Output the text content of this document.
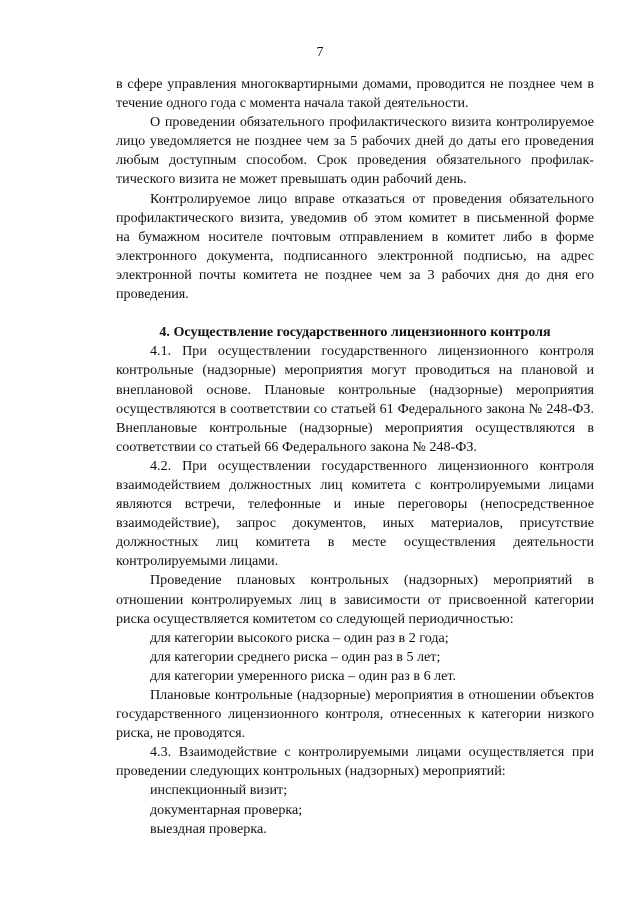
7
в сфере управления многоквартирными домами, проводится не позднее чем в
течение одного года с момента начала такой деятельности.
О проведении обязательного профилактического визита контролируемое
лицо уведомляется не позднее чем за 5 рабочих дней до даты его проведения
любым доступным способом. Срок проведения обязательного профилак-
тического визита не может превышать один рабочий день.
Контролируемое лицо вправе отказаться от проведения обязательного
профилактического визита, уведомив об этом комитет в письменной форме
на бумажном носителе почтовым отправлением в комитет либо в форме
электронного документа, подписанного электронной подписью, на адрес
электронной почты комитета не позднее чем за 3 рабочих дня до дня его
проведения.
4. Осуществление государственного лицензионного контроля
4.1. При осуществлении государственного лицензионного контроля
контрольные (надзорные) мероприятия могут проводиться на плановой и
внеплановой основе. Плановые контрольные (надзорные) мероприятия
осуществляются в соответствии со статьей 61 Федерального закона № 248-ФЗ.
Внеплановые контрольные (надзорные) мероприятия осуществляются в
соответствии со статьей 66 Федерального закона № 248-ФЗ.
4.2. При осуществлении государственного лицензионного контроля
взаимодействием должностных лиц комитета с контролируемыми лицами
являются встречи, телефонные и иные переговоры (непосредственное
взаимодействие), запрос документов, иных материалов, присутствие
должностных лиц комитета в месте осуществления деятельности
контролируемыми лицами.
Проведение плановых контрольных (надзорных) мероприятий в
отношении контролируемых лиц в зависимости от присвоенной категории
риска осуществляется комитетом со следующей периодичностью:
для категории высокого риска – один раз в 2 года;
для категории среднего риска – один раз в 5 лет;
для категории умеренного риска – один раз в 6 лет.
Плановые контрольные (надзорные) мероприятия в отношении объектов
государственного лицензионного контроля, отнесенных к категории низкого
риска, не проводятся.
4.3. Взаимодействие с контролируемыми лицами осуществляется при
проведении следующих контрольных (надзорных) мероприятий:
инспекционный визит;
документарная проверка;
выездная проверка.
